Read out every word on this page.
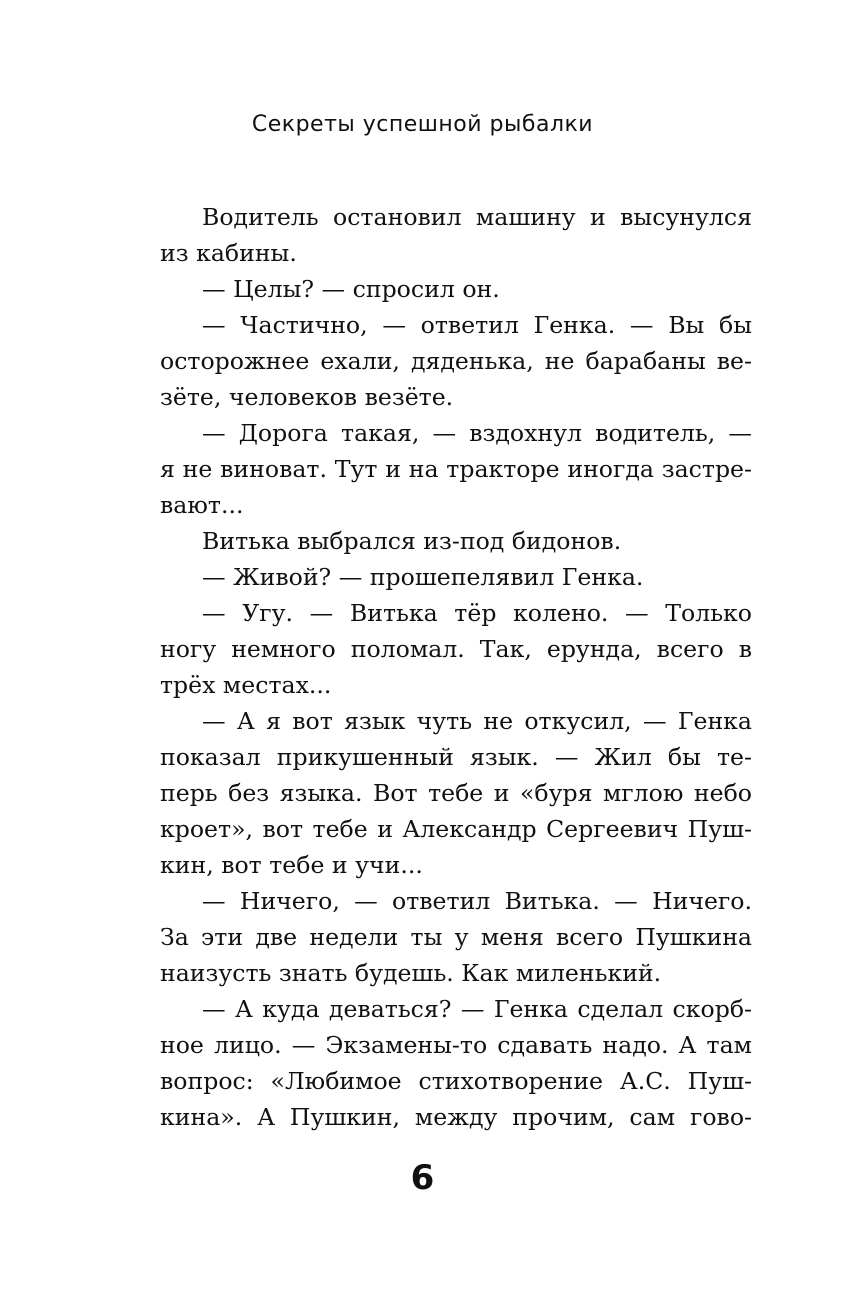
Секреты успешной рыбалки
Водитель остановил машину и высунулся
из кабины.
— Целы? — спросил он.
— Частично, — ответил Генка. — Вы бы
осторожнее ехали, дяденька, не барабаны ве-
зёте, человеков везёте.
— Дорога такая, — вздохнул водитель, —
я не виноват. Тут и на тракторе иногда застре-
вают...
Витька выбрался из-под бидонов.
— Живой? — прошепелявил Генка.
— Угу. — Витька тёр колено. — Только
ногу немного поломал. Так, ерунда, всего в
трёх местах...
— А я вот язык чуть не откусил, — Генка
показал прикушенный язык. — Жил бы те-
перь без языка. Вот тебе и «буря мглою небо
кроет», вот тебе и Александр Сергеевич Пуш-
кин, вот тебе и учи...
— Ничего, — ответил Витька. — Ничего.
За эти две недели ты у меня всего Пушкина
наизусть знать будешь. Как миленький.
— А куда деваться? — Генка сделал скорб-
ное лицо. — Экзамены-то сдавать надо. А там
вопрос: «Любимое стихотворение А.С. Пуш-
кина». А Пушкин, между прочим, сам гово-
6
